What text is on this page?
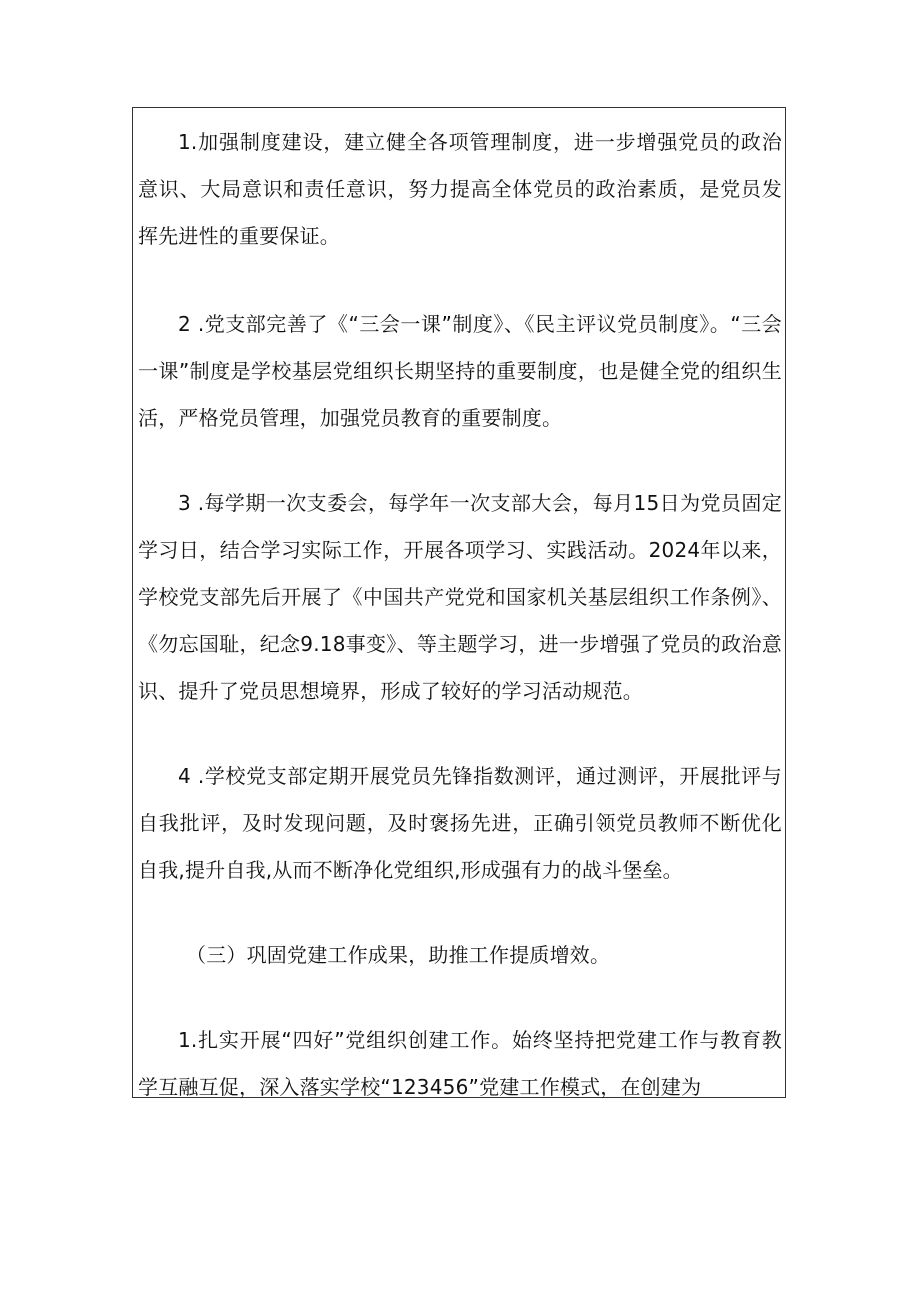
1.加强制度建设，建立健全各项管理制度，进一步增强党员的政治意识、大局意识和责任意识，努力提高全体党员的政治素质，是党员发挥先进性的重要保证。

2 .党支部完善了《“三会一课”制度》、《民主评议党员制度》。“三会一课”制度是学校基层党组织长期坚持的重要制度，也是健全党的组织生活，严格党员管理，加强党员教育的重要制度。

3 .每学期一次支委会，每学年一次支部大会，每月15日为党员固定学习日，结合学习实际工作，开展各项学习、实践活动。2024年以来，学校党支部先后开展了《中国共产党党和国家机关基层组织工作条例》、《勿忘国耻，纪念9.18事变》、等主题学习，进一步增强了党员的政治意识、提升了党员思想境界，形成了较好的学习活动规范。

4 .学校党支部定期开展党员先锋指数测评，通过测评，开展批评与自我批评，及时发现问题，及时褒扬先进，正确引领党员教师不断优化自我,提升自我,从而不断净化党组织,形成强有力的战斗堡垒。

（三）巩固党建工作成果，助推工作提质增效。

1.扎实开展“四好”党组织创建工作。始终坚持把党建工作与教育教学互融互促，深入落实学校“123456”党建工作模式，在创建为
